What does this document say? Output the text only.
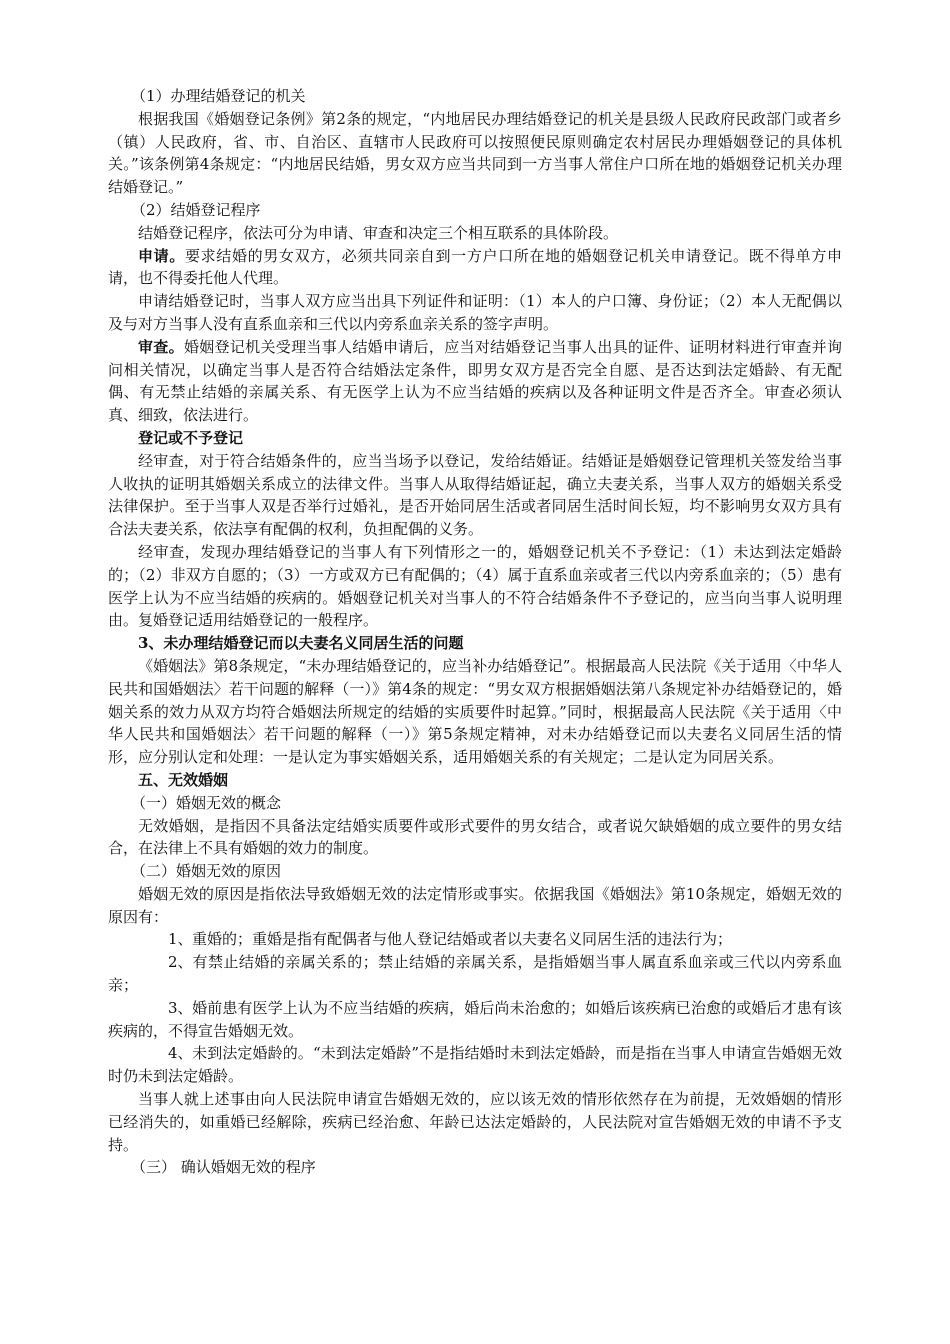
（1）办理结婚登记的机关

根据我国《婚姻登记条例》第2条的规定，“内地居民办理结婚登记的机关是县级人民政府民政部门或者乡（镇）人民政府，省、市、自治区、直辖市人民政府可以按照便民原则确定农村居民办理婚姻登记的具体机关。”该条例第4条规定：“内地居民结婚，男女双方应当共同到一方当事人常住户口所在地的婚姻登记机关办理结婚登记。”

（2）结婚登记程序

结婚登记程序，依法可分为申请、审查和决定三个相互联系的具体阶段。

申请。要求结婚的男女双方，必须共同亲自到一方户口所在地的婚姻登记机关申请登记。既不得单方申请，也不得委托他人代理。

申请结婚登记时，当事人双方应当出具下列证件和证明：（1）本人的户口簿、身份证；（2）本人无配偶以及与对方当事人没有直系血亲和三代以内旁系血亲关系的签字声明。

审查。婚姻登记机关受理当事人结婚申请后，应当对结婚登记当事人出具的证件、证明材料进行审查并询问相关情况，以确定当事人是否符合结婚法定条件，即男女双方是否完全自愿、是否达到法定婚龄、有无配偶、有无禁止结婚的亲属关系、有无医学上认为不应当结婚的疾病以及各种证明文件是否齐全。审查必须认真、细致，依法进行。

登记或不予登记

经审查，对于符合结婚条件的，应当当场予以登记，发给结婚证。结婚证是婚姻登记管理机关签发给当事人收执的证明其婚姻关系成立的法律文件。当事人从取得结婚证起，确立夫妻关系，当事人双方的婚姻关系受法律保护。至于当事人双是否举行过婚礼，是否开始同居生活或者同居生活时间长短，均不影响男女双方具有合法夫妻关系，依法享有配偶的权利，负担配偶的义务。

经审查，发现办理结婚登记的当事人有下列情形之一的，婚姻登记机关不予登记：（1）未达到法定婚龄的；（2）非双方自愿的；（3）一方或双方已有配偶的；（4）属于直系血亲或者三代以内旁系血亲的；（5）患有医学上认为不应当结婚的疾病的。婚姻登记机关对当事人的不符合结婚条件不予登记的，应当向当事人说明理由。复婚登记适用结婚登记的一般程序。

3、未办理结婚登记而以夫妻名义同居生活的问题

《婚姻法》第8条规定，“未办理结婚登记的，应当补办结婚登记”。根据最高人民法院《关于适用〈中华人民共和国婚姻法〉若干问题的解释（一）》第4条的规定：“男女双方根据婚姻法第八条规定补办结婚登记的，婚姻关系的效力从双方均符合婚姻法所规定的结婚的实质要件时起算。”同时，根据最高人民法院《关于适用〈中华人民共和国婚姻法〉若干问题的解释（一）》第5条规定精神，对未办结婚登记而以夫妻名义同居生活的情形，应分别认定和处理：一是认定为事实婚姻关系，适用婚姻关系的有关规定；二是认定为同居关系。

五、无效婚姻

（一）婚姻无效的概念

无效婚姻，是指因不具备法定结婚实质要件或形式要件的男女结合，或者说欠缺婚姻的成立要件的男女结合，在法律上不具有婚姻的效力的制度。

（二）婚姻无效的原因

婚姻无效的原因是指依法导致婚姻无效的法定情形或事实。依据我国《婚姻法》第10条规定，婚姻无效的原因有：

1、重婚的；重婚是指有配偶者与他人登记结婚或者以夫妻名义同居生活的违法行为；

2、有禁止结婚的亲属关系的；禁止结婚的亲属关系，是指婚姻当事人属直系血亲或三代以内旁系血亲；

3、婚前患有医学上认为不应当结婚的疾病，婚后尚未治愈的；如婚后该疾病已治愈的或婚后才患有该疾病的，不得宣告婚姻无效。

4、未到法定婚龄的。“未到法定婚龄”不是指结婚时未到法定婚龄，而是指在当事人申请宣告婚姻无效时仍未到法定婚龄。

当事人就上述事由向人民法院申请宣告婚姻无效的，应以该无效的情形依然存在为前提，无效婚姻的情形已经消失的，如重婚已经解除，疾病已经治愈、年龄已达法定婚龄的，人民法院对宣告婚姻无效的申请不予支持。

（三） 确认婚姻无效的程序
